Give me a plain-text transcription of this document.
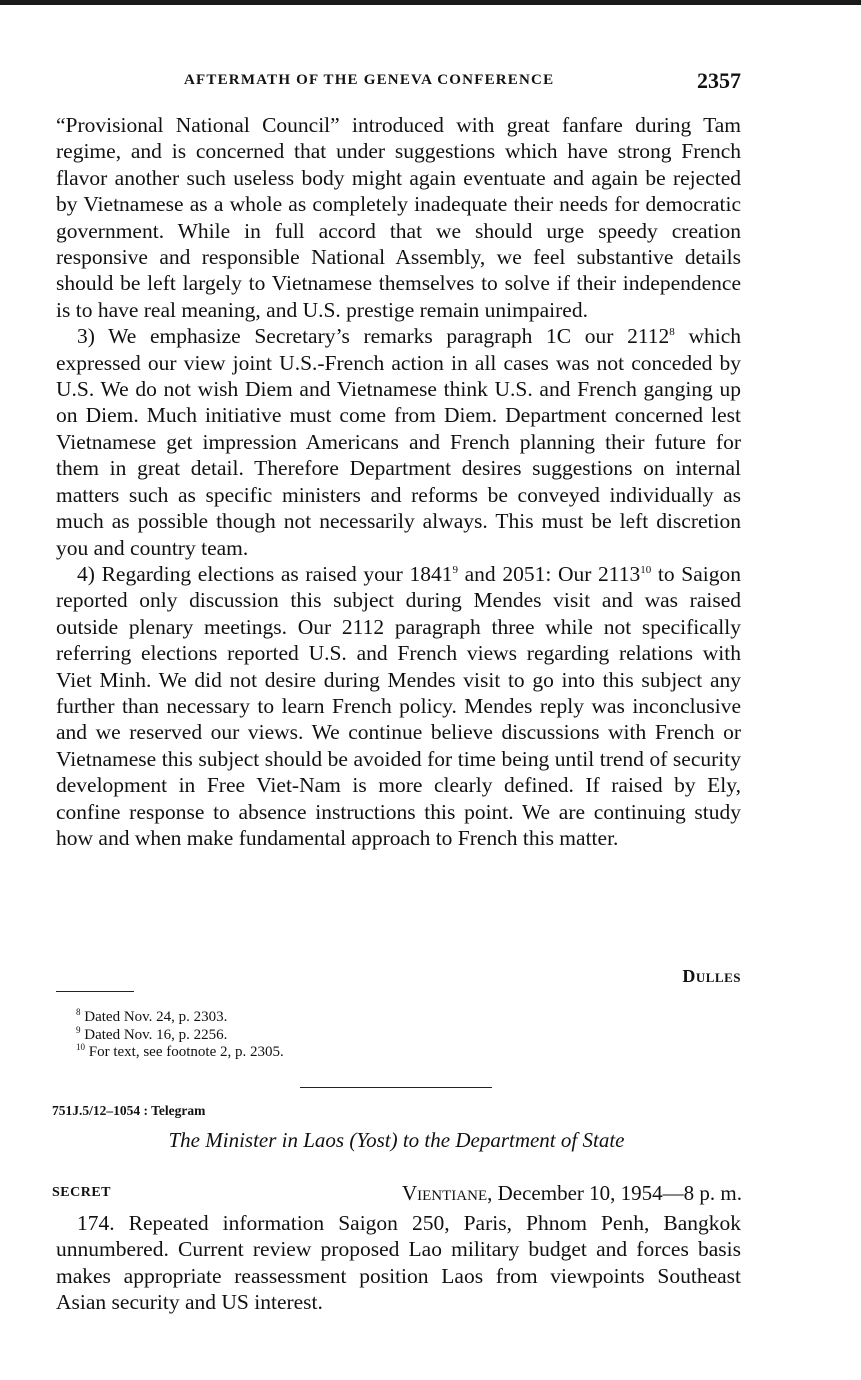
AFTERMATH OF THE GENEVA CONFERENCE	2357

“Provisional National Council” introduced with great fanfare during Tam regime, and is concerned that under suggestions which have strong French flavor another such useless body might again eventuate and again be rejected by Vietnamese as a whole as completely inadequate their needs for democratic government. While in full accord that we should urge speedy creation responsive and responsible National Assembly, we feel substantive details should be left largely to Vietnamese themselves to solve if their independence is to have real meaning, and U.S. prestige remain unimpaired.

3) We emphasize Secretary’s remarks paragraph 1C our 2112$^8$ which expressed our view joint U.S.-French action in all cases was not conceded by U.S. We do not wish Diem and Vietnamese think U.S. and French ganging up on Diem. Much initiative must come from Diem. Department concerned lest Vietnamese get impression Americans and French planning their future for them in great detail. Therefore Department desires suggestions on internal matters such as specific ministers and reforms be conveyed individually as much as possible though not necessarily always. This must be left discretion you and country team.

4) Regarding elections as raised your 1841$^9$ and 2051: Our 2113$^{10}$ to Saigon reported only discussion this subject during Mendes visit and was raised outside plenary meetings. Our 2112 paragraph three while not specifically referring elections reported U.S. and French views regarding relations with Viet Minh. We did not desire during Mendes visit to go into this subject any further than necessary to learn French policy. Mendes reply was inconclusive and we reserved our views. We continue believe discussions with French or Vietnamese this subject should be avoided for time being until trend of security development in Free Viet-Nam is more clearly defined. If raised by Ely, confine response to absence instructions this point. We are continuing study how and when make fundamental approach to French this matter.

Dulles
$^8$ Dated Nov. 24, p. 2303.
$^9$ Dated Nov. 16, p. 2256.
$^{10}$ For text, see footnote 2, p. 2305.
751J.5/12–1054 : Telegram
The Minister in Laos (Yost) to the Department of State
SECRET	Vientiane, December 10, 1954—8 p. m.

174. Repeated information Saigon 250, Paris, Phnom Penh, Bangkok unnumbered. Current review proposed Lao military budget and forces basis makes appropriate reassessment position Laos from viewpoints Southeast Asian security and US interest.
